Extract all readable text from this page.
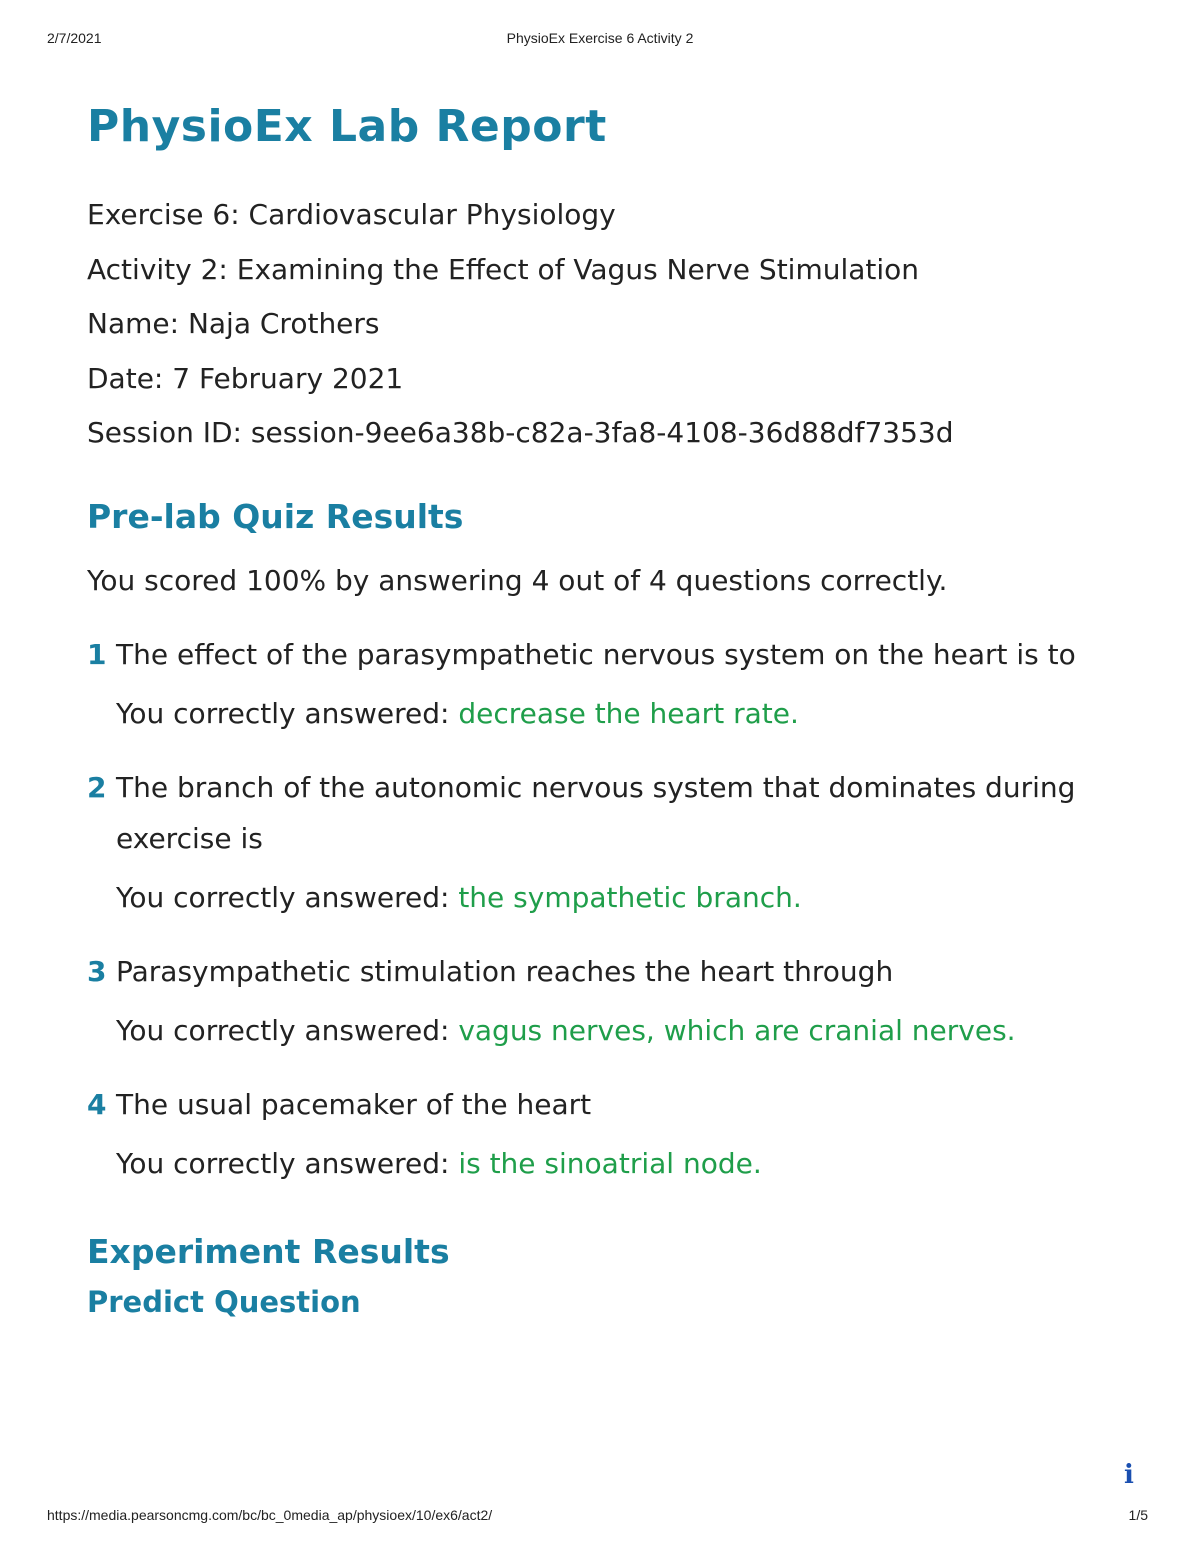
2/7/2021	PhysioEx Exercise 6 Activity 2
PhysioEx Lab Report
Exercise 6: Cardiovascular Physiology
Activity 2: Examining the Effect of Vagus Nerve Stimulation
Name: Naja Crothers
Date: 7 February 2021
Session ID: session-9ee6a38b-c82a-3fa8-4108-36d88df7353d
Pre-lab Quiz Results
You scored 100% by answering 4 out of 4 questions correctly.
1 The effect of the parasympathetic nervous system on the heart is to
You correctly answered: decrease the heart rate.
2 The branch of the autonomic nervous system that dominates during exercise is
You correctly answered: the sympathetic branch.
3 Parasympathetic stimulation reaches the heart through
You correctly answered: vagus nerves, which are cranial nerves.
4 The usual pacemaker of the heart
You correctly answered: is the sinoatrial node.
Experiment Results
Predict Question
i
https://media.pearsoncmg.com/bc/bc_0media_ap/physioex/10/ex6/act2/	1/5
